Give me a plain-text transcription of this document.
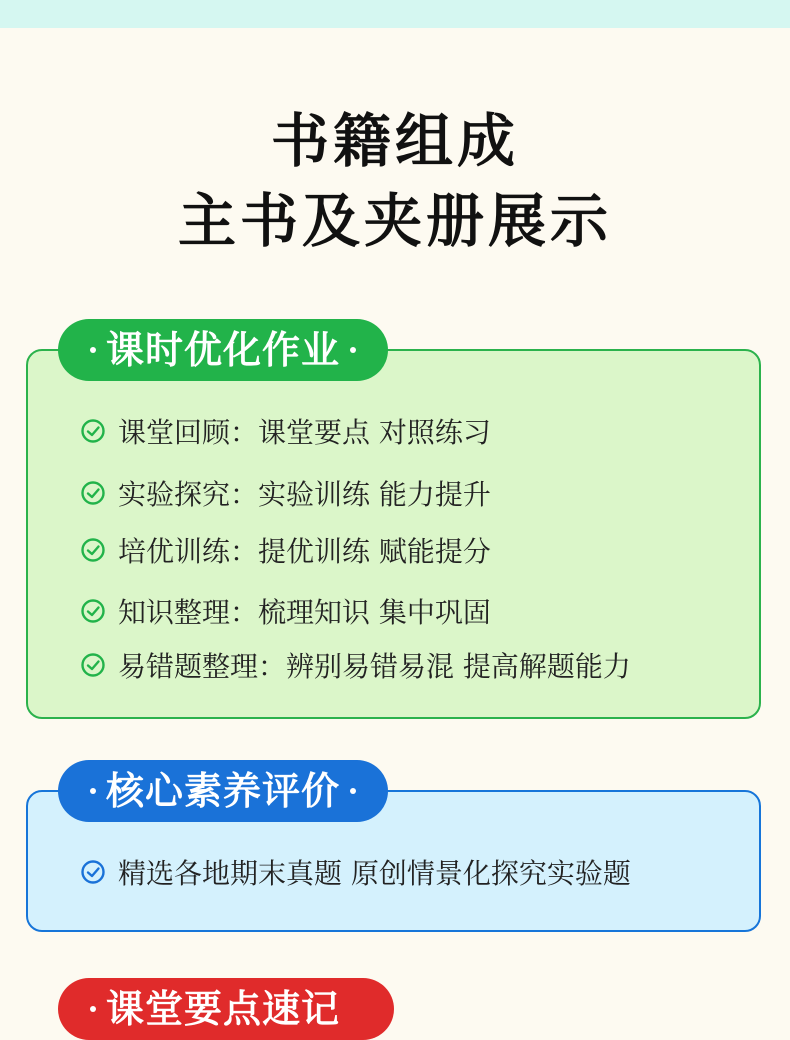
书籍组成
主书及夹册展示
课时优化作业
课堂回顾：课堂要点 对照练习
实验探究：实验训练 能力提升
培优训练：提优训练 赋能提分
知识整理：梳理知识 集中巩固
易错题整理：辨别易错易混 提高解题能力
核心素养评价
精选各地期末真题 原创情景化探究实验题
课堂要点速记
